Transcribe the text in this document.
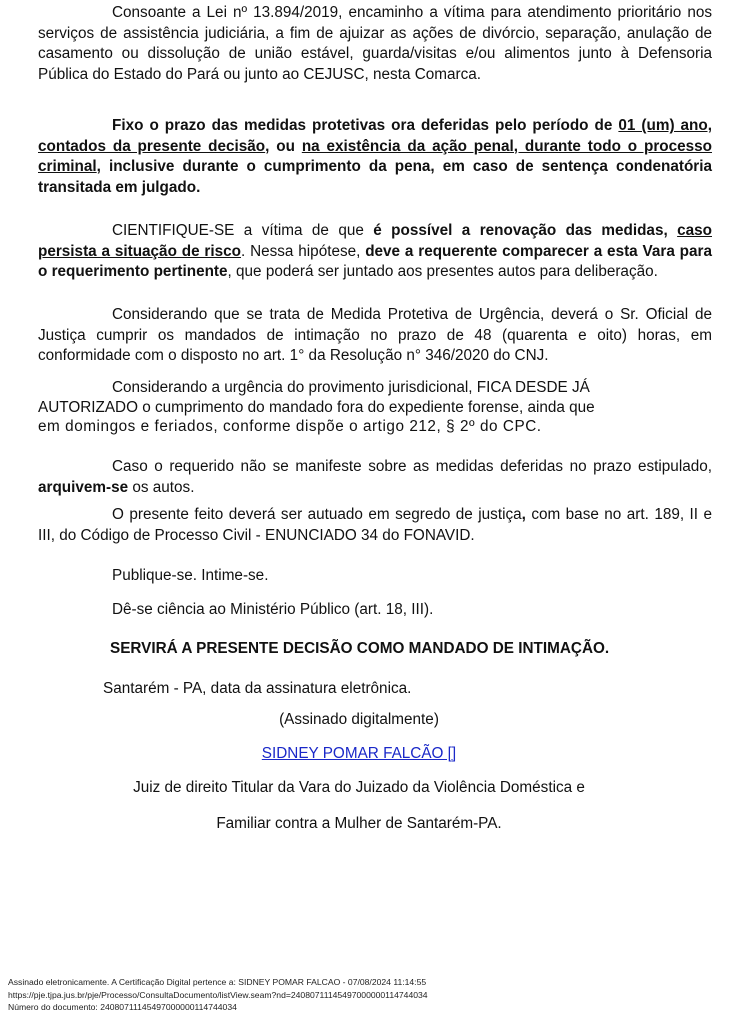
Consoante a Lei nº 13.894/2019, encaminho a vítima para atendimento prioritário nos serviços de assistência judiciária, a fim de ajuizar as ações de divórcio, separação, anulação de casamento ou dissolução de união estável, guarda/visitas e/ou alimentos junto à Defensoria Pública do Estado do Pará ou junto ao CEJUSC, nesta Comarca.

Fixo o prazo das medidas protetivas ora deferidas pelo período de 01 (um) ano, contados da presente decisão, ou na existência da ação penal, durante todo o processo criminal, inclusive durante o cumprimento da pena, em caso de sentença condenatória transitada em julgado.

CIENTIFIQUE-SE a vítima de que é possível a renovação das medidas, caso persista a situação de risco. Nessa hipótese, deve a requerente comparecer a esta Vara para o requerimento pertinente, que poderá ser juntado aos presentes autos para deliberação.

Considerando que se trata de Medida Protetiva de Urgência, deverá o Sr. Oficial de Justiça cumprir os mandados de intimação no prazo de 48 (quarenta e oito) horas, em conformidade com o disposto no art. 1° da Resolução n° 346/2020 do CNJ.

Considerando a urgência do provimento jurisdicional, FICA DESDE JÁ
AUTORIZADO o cumprimento do mandado fora do expediente forense, ainda que
em domingos e feriados, conforme dispõe o artigo 212, § 2º do CPC.

Caso o requerido não se manifeste sobre as medidas deferidas no prazo estipulado, arquivem-se os autos.

O presente feito deverá ser autuado em segredo de justiça, com base no art. 189, II e III, do Código de Processo Civil - ENUNCIADO 34 do FONAVID.

Publique-se. Intime-se.

Dê-se ciência ao Ministério Público (art. 18, III).

SERVIRÁ A PRESENTE DECISÃO COMO MANDADO DE INTIMAÇÃO.

Santarém - PA, data da assinatura eletrônica.

(Assinado digitalmente)

SIDNEY POMAR FALCÃO []

Juiz de direito Titular da Vara do Juizado da Violência Doméstica e

Familiar contra a Mulher de Santarém-PA.

Assinado eletronicamente. A Certificação Digital pertence a: SIDNEY POMAR FALCAO - 07/08/2024 11:14:55
https://pje.tjpa.jus.br/pje/Processo/ConsultaDocumento/listView.seam?nd=24080711145497000000114744034
Número do documento: 24080711145497000000114744034
